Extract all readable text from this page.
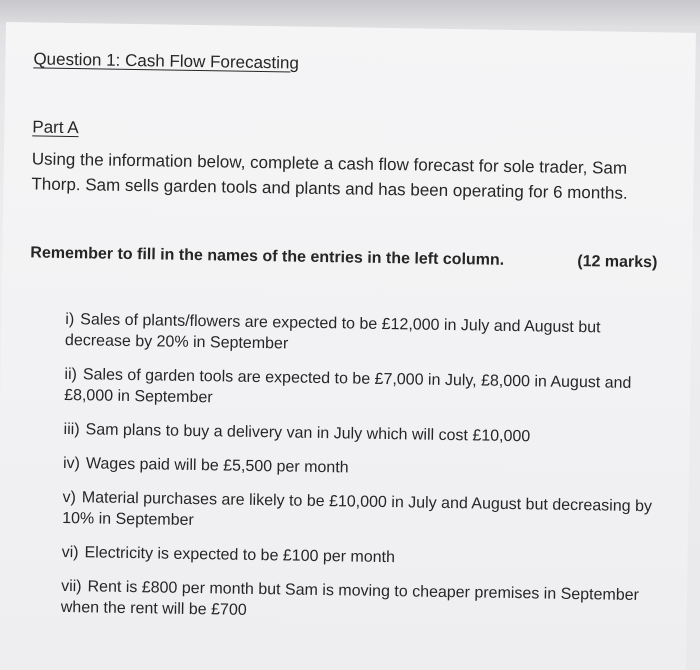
Question 1: Cash Flow Forecasting
Part A
Using the information below, complete a cash flow forecast for sole trader, Sam Thorp. Sam sells garden tools and plants and has been operating for 6 months.
Remember to fill in the names of the entries in the left column.	(12 marks)
i) Sales of plants/flowers are expected to be £12,000 in July and August but decrease by 20% in September
ii) Sales of garden tools are expected to be £7,000 in July, £8,000 in August and £8,000 in September
iii) Sam plans to buy a delivery van in July which will cost £10,000
iv) Wages paid will be £5,500 per month
v) Material purchases are likely to be £10,000 in July and August but decreasing by 10% in September
vi) Electricity is expected to be £100 per month
vii) Rent is £800 per month but Sam is moving to cheaper premises in September when the rent will be £700
